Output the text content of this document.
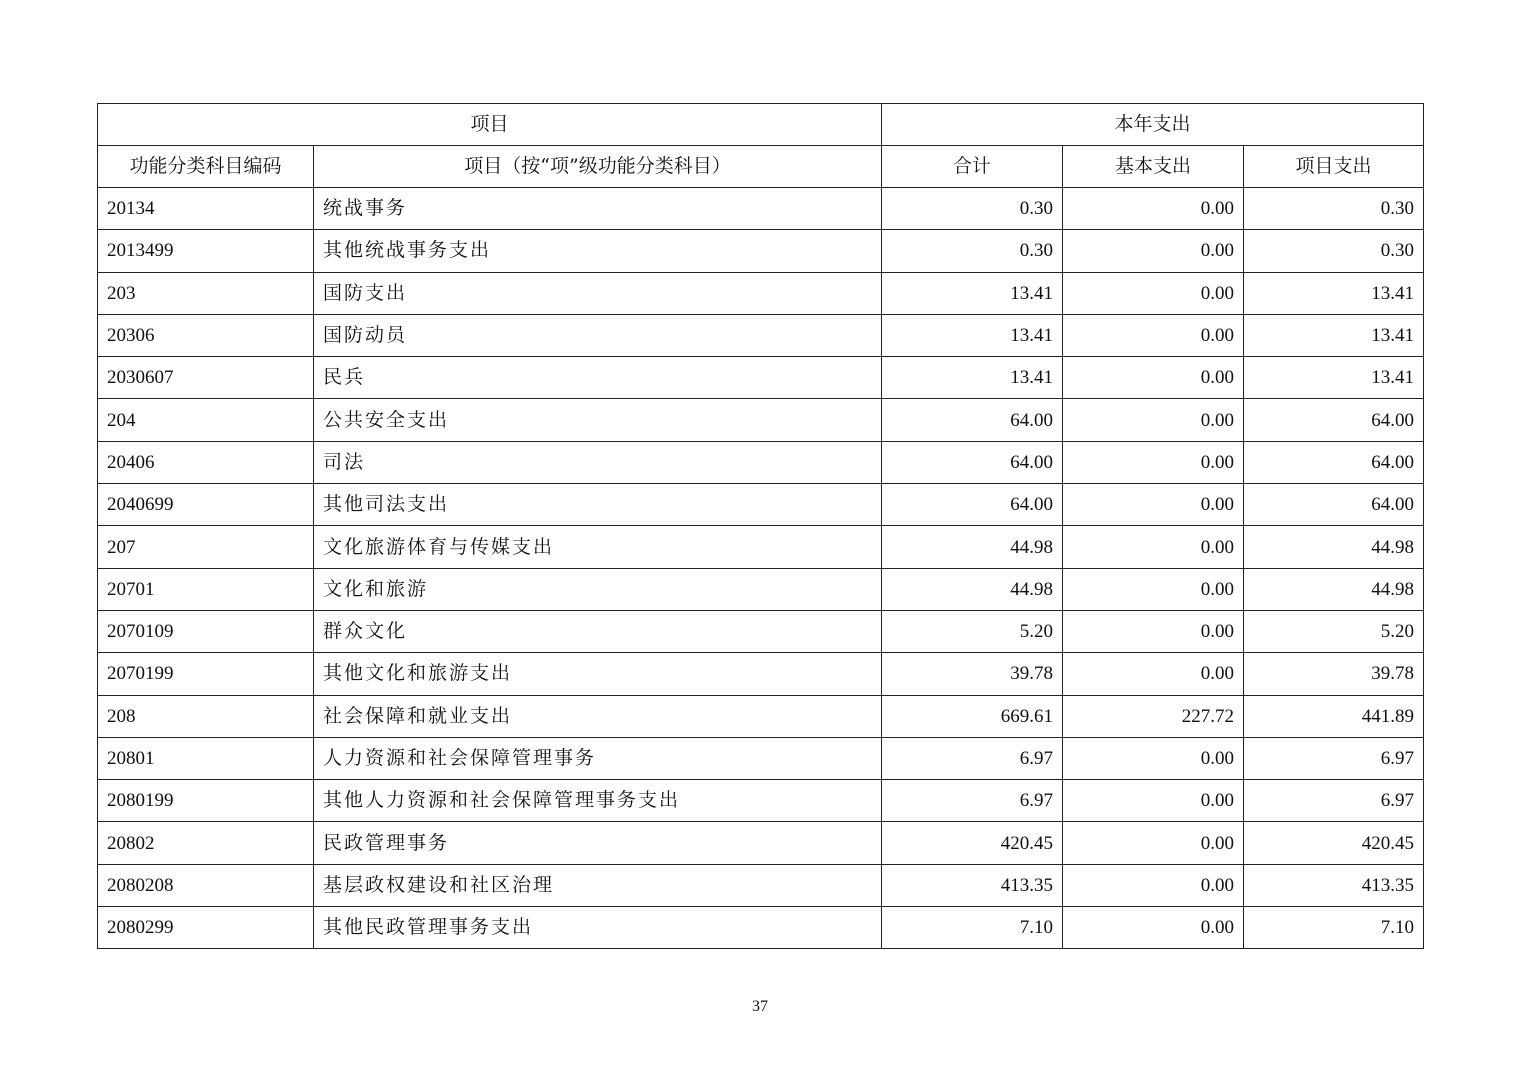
项目		本年支出		
功能分类科目编码	项目（按“项”级功能分类科目）	合计	基本支出	项目支出
20134	统战事务	0.30	0.00	0.30
2013499	其他统战事务支出	0.30	0.00	0.30
203	国防支出	13.41	0.00	13.41
20306	国防动员	13.41	0.00	13.41
2030607	民兵	13.41	0.00	13.41
204	公共安全支出	64.00	0.00	64.00
20406	司法	64.00	0.00	64.00
2040699	其他司法支出	64.00	0.00	64.00
207	文化旅游体育与传媒支出	44.98	0.00	44.98
20701	文化和旅游	44.98	0.00	44.98
2070109	群众文化	5.20	0.00	5.20
2070199	其他文化和旅游支出	39.78	0.00	39.78
208	社会保障和就业支出	669.61	227.72	441.89
20801	人力资源和社会保障管理事务	6.97	0.00	6.97
2080199	其他人力资源和社会保障管理事务支出	6.97	0.00	6.97
20802	民政管理事务	420.45	0.00	420.45
2080208	基层政权建设和社区治理	413.35	0.00	413.35
2080299	其他民政管理事务支出	7.10	0.00	7.10
37
